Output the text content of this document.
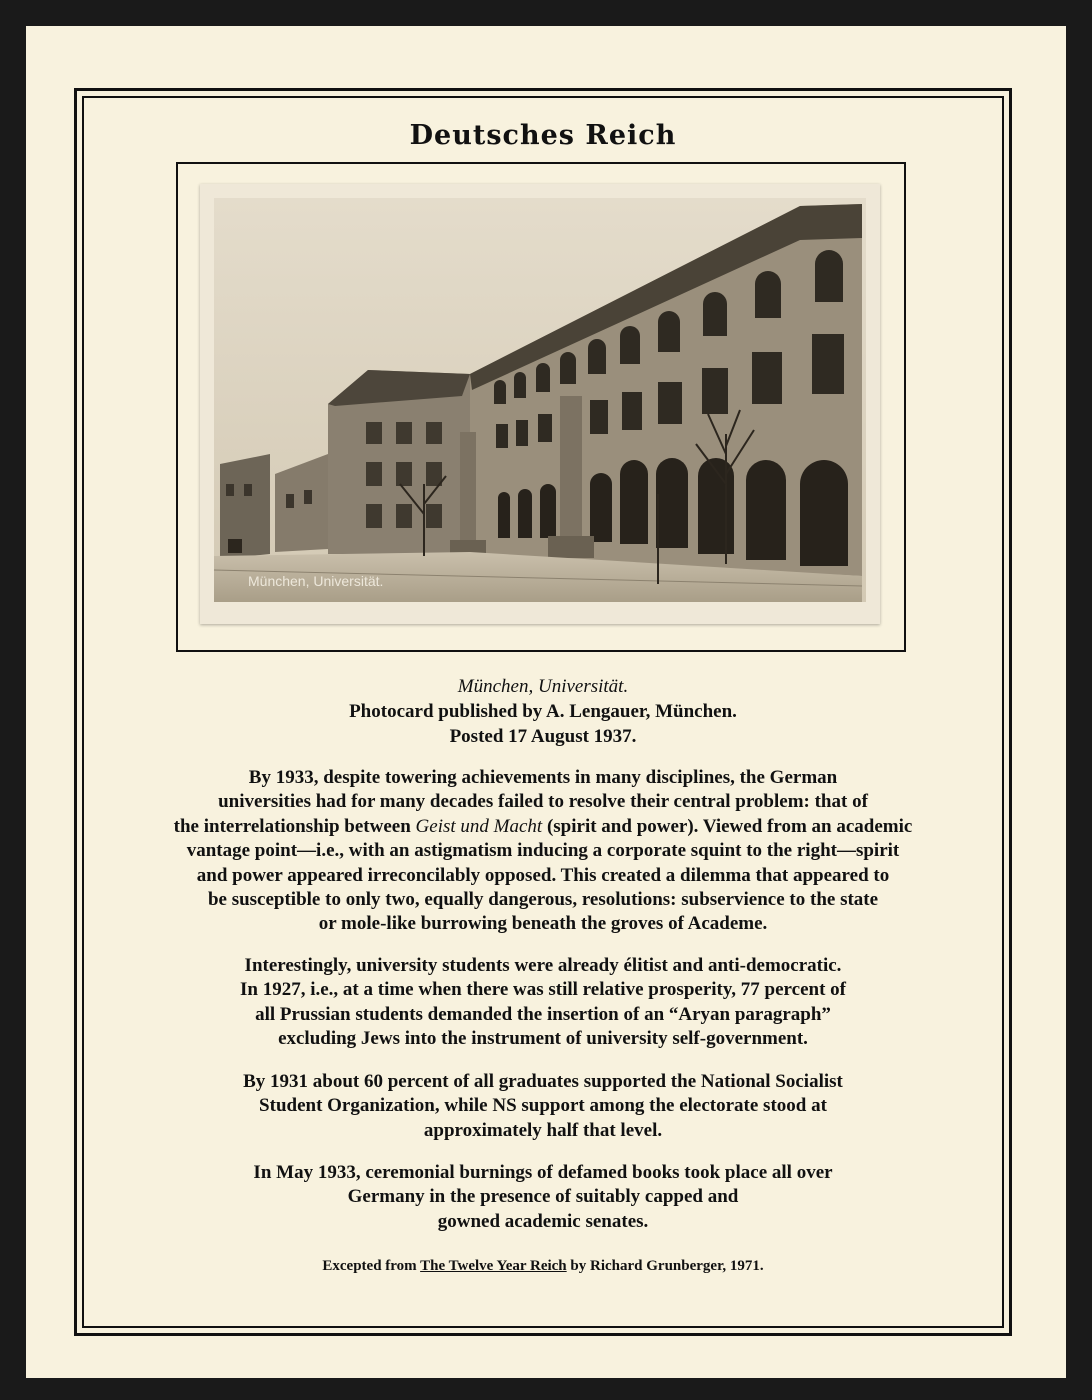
Deutsches Reich
München, Universität.
München, Universität.
Photocard published by A. Lengauer, München.
Posted 17 August 1937.
By 1933, despite towering achievements in many disciplines, the German
universities had for many decades failed to resolve their central problem: that of
the interrelationship between Geist und Macht (spirit and power). Viewed from an academic
vantage point—i.e., with an astigmatism inducing a corporate squint to the right—spirit
and power appeared irreconcilably opposed. This created a dilemma that appeared to
be susceptible to only two, equally dangerous, resolutions: subservience to the state
or mole-like burrowing beneath the groves of Academe.
Interestingly, university students were already élitist and anti-democratic.
In 1927, i.e., at a time when there was still relative prosperity, 77 percent of
all Prussian students demanded the insertion of an “Aryan paragraph”
excluding Jews into the instrument of university self-government.
By 1931 about 60 percent of all graduates supported the National Socialist
Student Organization, while NS support among the electorate stood at
approximately half that level.
In May 1933, ceremonial burnings of defamed books took place all over
Germany in the presence of suitably capped and
gowned academic senates.
Excepted from The Twelve Year Reich by Richard Grunberger, 1971.
